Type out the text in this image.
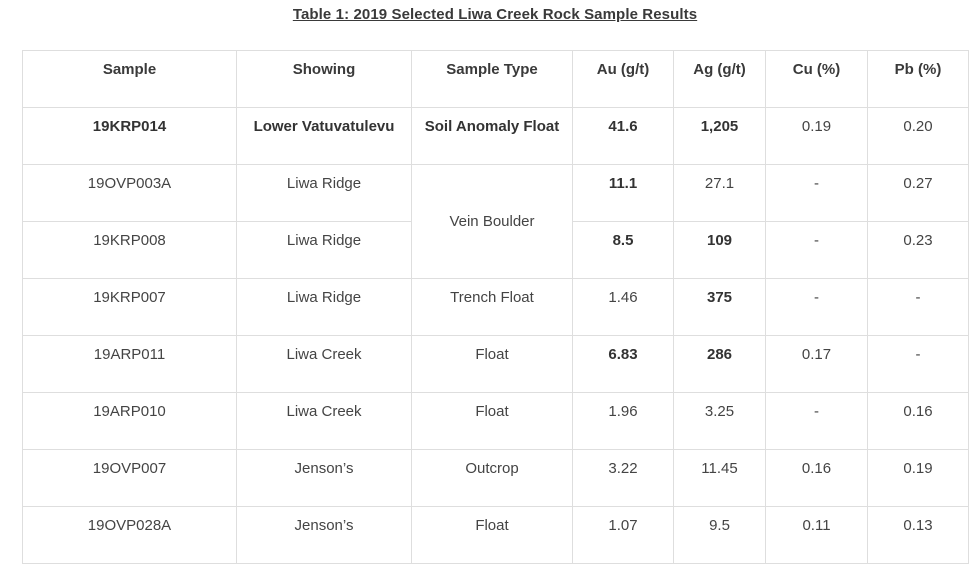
Table 1: 2019 Selected Liwa Creek Rock Sample Results
Sample	Showing	Sample Type	Au (g/t)	Ag (g/t)	Cu (%)	Pb (%)

19KRP014	Lower Vatuvatulevu	Soil Anomaly Float	41.6	1,205	0.19	0.20

19OVP003A	Liwa Ridge	Vein Boulder	11.1	27.1	-	0.27

19KRP008	Liwa Ridge		8.5	109	-	0.23

19KRP007	Liwa Ridge	Trench Float	1.46	375	-	-

19ARP011	Liwa Creek	Float	6.83	286	0.17	-

19ARP010	Liwa Creek	Float	1.96	3.25	-	0.16

19OVP007	Jenson’s	Outcrop	3.22	11.45	0.16	0.19

19OVP028A	Jenson’s	Float	1.07	9.5	0.11	0.13
